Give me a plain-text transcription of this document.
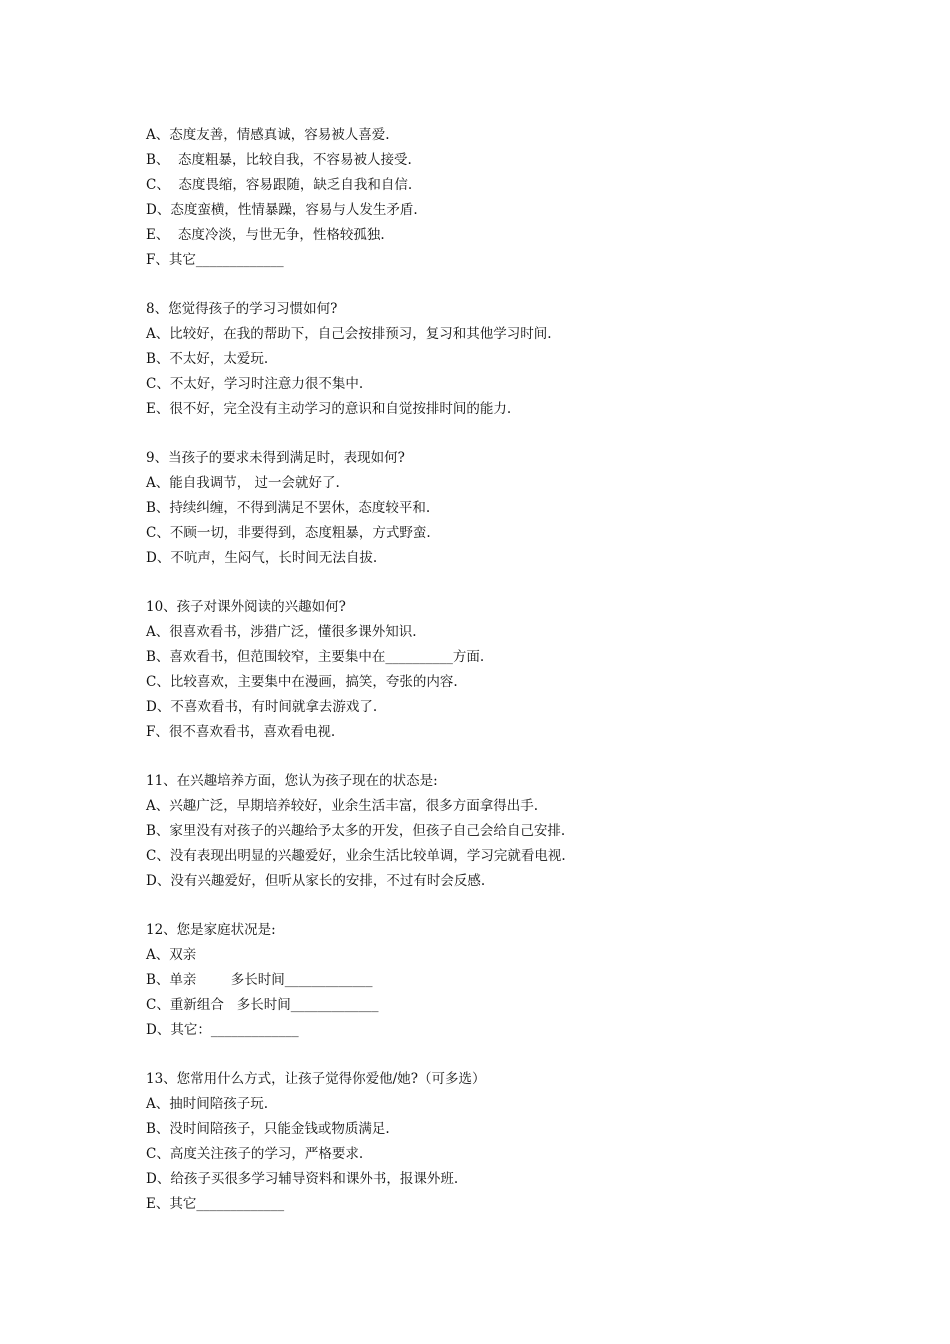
A、态度友善，情感真诚，容易被人喜爱.
B、  态度粗暴，比较自我，不容易被人接受.
C、  态度畏缩，容易跟随，缺乏自我和自信.
D、态度蛮横，性情暴躁，容易与人发生矛盾.
E、  态度冷淡，与世无争，性格较孤独.
F、其它_____________
8、您觉得孩子的学习习惯如何?
A、比较好，在我的帮助下，自己会按排预习，复习和其他学习时间.
B、不太好，太爱玩.
C、不太好，学习时注意力很不集中.
E、很不好，完全没有主动学习的意识和自觉按排时间的能力.
9、当孩子的要求未得到满足时，表现如何?
A、能自我调节， 过一会就好了.
B、持续纠缠，不得到满足不罢休，态度较平和.
C、不顾一切，非要得到，态度粗暴，方式野蛮.
D、不吭声，生闷气，长时间无法自拔.
10、孩子对课外阅读的兴趣如何?
A、很喜欢看书，涉猎广泛，懂很多课外知识.
B、喜欢看书，但范围较窄，主要集中在__________方面.
C、比较喜欢，主要集中在漫画，搞笑，夸张的内容.
D、不喜欢看书，有时间就拿去游戏了.
F、很不喜欢看书，喜欢看电视.
11、在兴趣培养方面，您认为孩子现在的状态是:
A、兴趣广泛，早期培养较好，业余生活丰富，很多方面拿得出手.
B、家里没有对孩子的兴趣给予太多的开发，但孩子自己会给自己安排.
C、没有表现出明显的兴趣爱好，业余生活比较单调，学习完就看电视.
D、没有兴趣爱好，但听从家长的安排，不过有时会反感.
12、您是家庭状况是:
A、双亲
B、单亲        多长时间_____________
C、重新组合   多长时间_____________
D、其它：_____________
13、您常用什么方式，让孩子觉得你爱他/她?（可多选）
A、抽时间陪孩子玩.
B、没时间陪孩子，只能金钱或物质满足.
C、高度关注孩子的学习，严格要求.
D、给孩子买很多学习辅导资料和课外书，报课外班.
E、其它_____________
